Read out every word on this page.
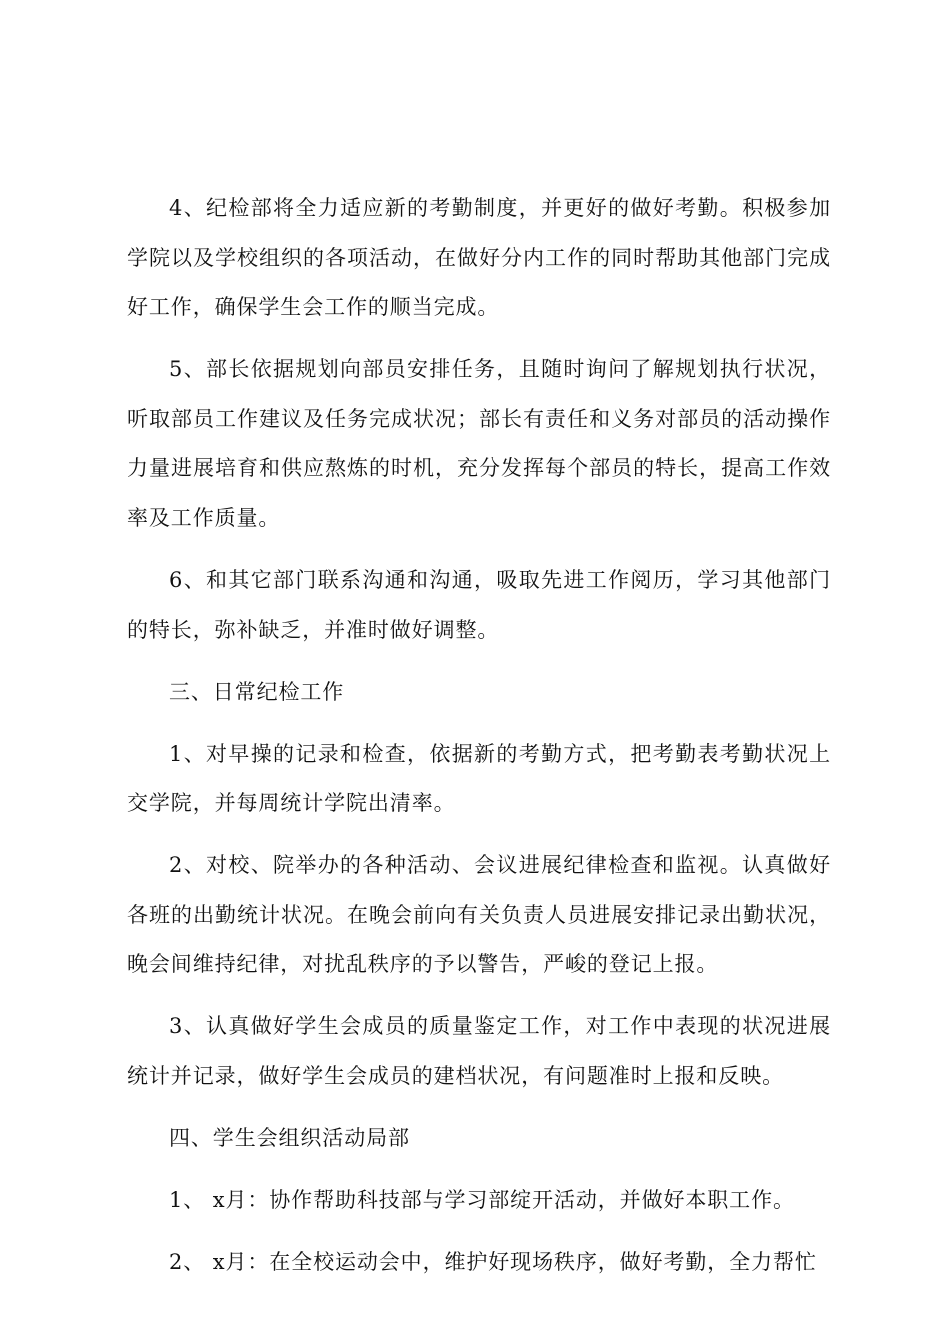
4、纪检部将全力适应新的考勤制度，并更好的做好考勤。积极参加学院以及学校组织的各项活动，在做好分内工作的同时帮助其他部门完成好工作，确保学生会工作的顺当完成。

5、部长依据规划向部员安排任务，且随时询问了解规划执行状况，听取部员工作建议及任务完成状况；部长有责任和义务对部员的活动操作力量进展培育和供应熬炼的时机，充分发挥每个部员的特长，提高工作效率及工作质量。

6、和其它部门联系沟通和沟通，吸取先进工作阅历，学习其他部门的特长，弥补缺乏，并准时做好调整。

三、日常纪检工作

1、对早操的记录和检查，依据新的考勤方式，把考勤表考勤状况上交学院，并每周统计学院出清率。

2、对校、院举办的各种活动、会议进展纪律检查和监视。认真做好各班的出勤统计状况。在晚会前向有关负责人员进展安排记录出勤状况，晚会间维持纪律，对扰乱秩序的予以警告，严峻的登记上报。

3、认真做好学生会成员的质量鉴定工作，对工作中表现的状况进展统计并记录，做好学生会成员的建档状况，有问题准时上报和反映。

四、学生会组织活动局部

1、 x月：协作帮助科技部与学习部绽开活动，并做好本职工作。

2、 x月：在全校运动会中，维护好现场秩序，做好考勤，全力帮忙
